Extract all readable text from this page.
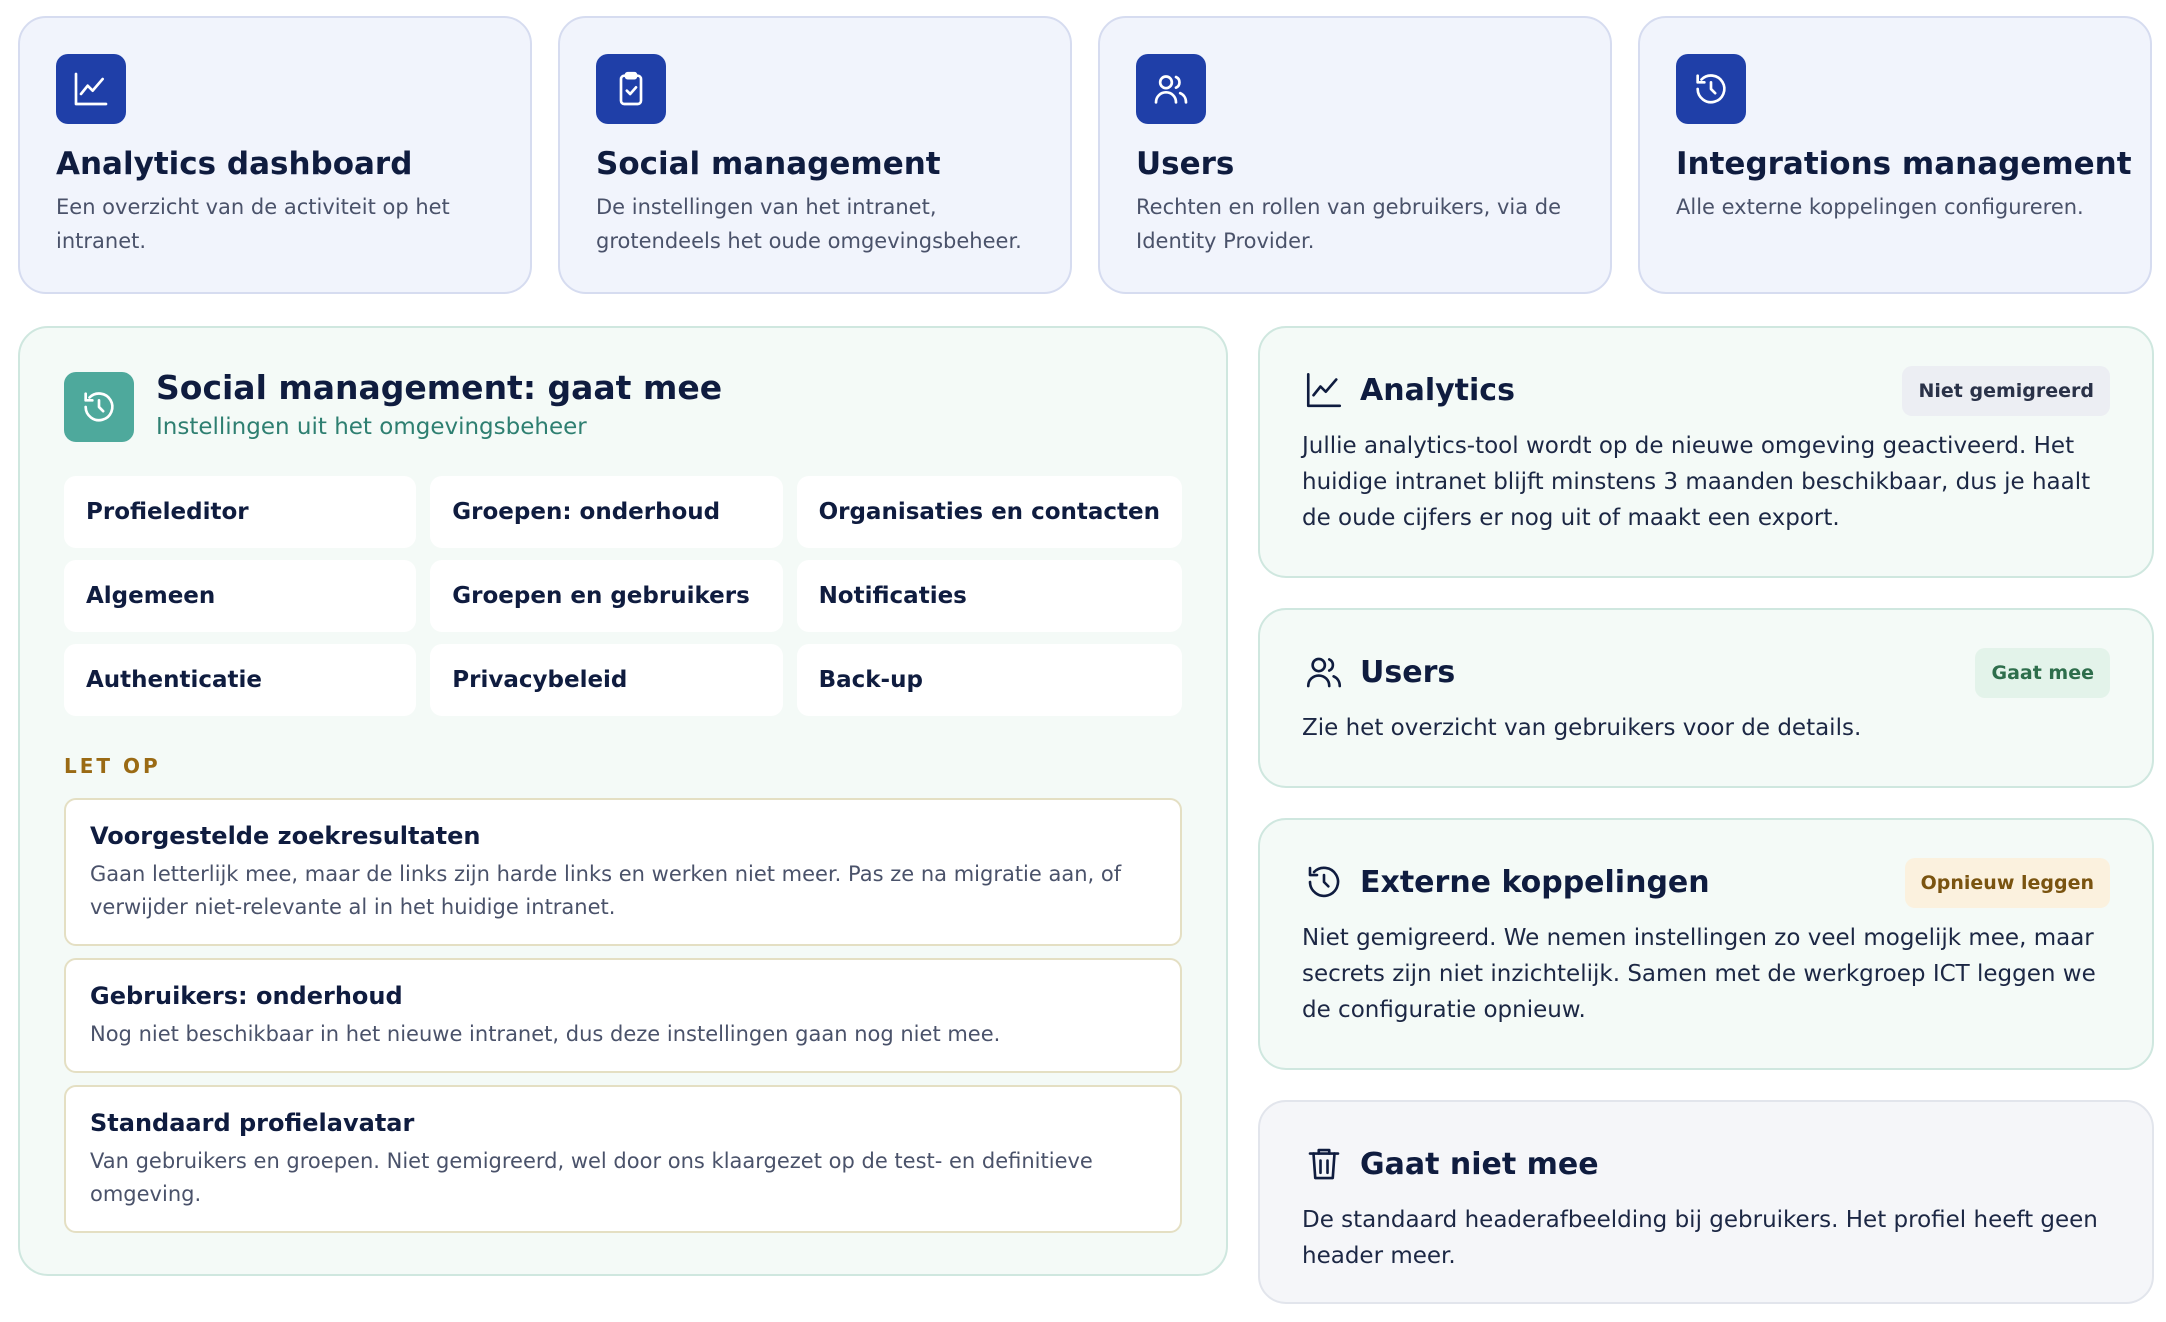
Analytics dashboard

Een overzicht van de activiteit op het intranet.

Social management

De instellingen van het intranet, grotendeels het oude omgevingsbeheer.

Users

Rechten en rollen van gebruikers, via de Identity Provider.

Integrations management

Alle externe koppelingen configureren.

Social management: gaat mee

Instellingen uit het omgevingsbeheer

Profieleditor	Groepen: onderhoud	Organisaties en contacten
Algemeen	Groepen en gebruikers	Notificaties
Authenticatie	Privacybeleid	Back-up
LET OP
Voorgestelde zoekresultaten

Gaan letterlijk mee, maar de links zijn harde links en werken niet meer. Pas ze na migratie aan, of verwijder niet-relevante al in het huidige intranet.

Gebruikers: onderhoud

Nog niet beschikbaar in het nieuwe intranet, dus deze instellingen gaan nog niet mee.

Standaard profielavatar

Van gebruikers en groepen. Niet gemigreerd, wel door ons klaargezet op de test- en definitieve omgeving.

Analytics	Niet gemigreerd

Jullie analytics-tool wordt op de nieuwe omgeving geactiveerd. Het huidige intranet blijft minstens 3 maanden beschikbaar, dus je haalt de oude cijfers er nog uit of maakt een export.

Users	Gaat mee

Zie het overzicht van gebruikers voor de details.

Externe koppelingen	Opnieuw leggen

Niet gemigreerd. We nemen instellingen zo veel mogelijk mee, maar secrets zijn niet inzichtelijk. Samen met de werkgroep ICT leggen we de configuratie opnieuw.

Gaat niet mee

De standaard headerafbeelding bij gebruikers. Het profiel heeft geen header meer.
